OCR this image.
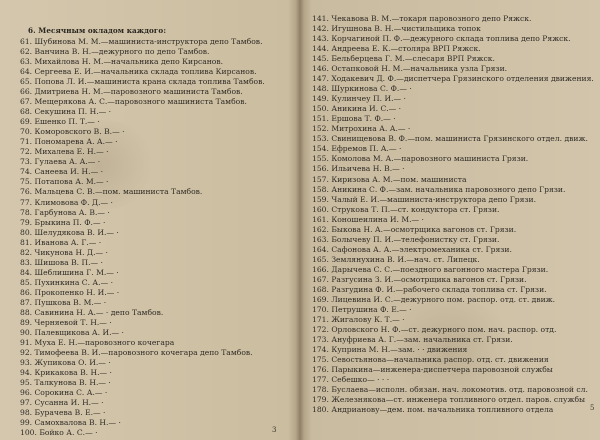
6. Месячным окладом каждого:
61. Шубинова М. М.—машиниста-инструктора депо Тамбов.
62. Ванчина В. Н.—дежурного по депо Тамбов.
63. Михайлова Н. М.—начальника депо Кирсанов.
64. Сергеева Е. И.—начальника склада топлива Кирсанов.
65. Попова Л. И.—машиниста крана склада топлива Тамбов.
66. Дмитриева Н. М.—паровозного машиниста Тамбов.
67. Мещерякова А. С.—паровозного машиниста Тамбов.
68. Секушина П. Н.— ·
69. Ешенко П. Т.— ·
70. Комоpовского В. В.— ·
71. Пономарева А. А.— ·
72. Михалева Е. Н.— ·
73. Гулаева А. А.— ·
74. Санеева И. Н.— ·
75. Потапова А. М.— ·
76. Мальцева С. В.—пом. машиниста Тамбов.
77. Климовова Ф. Д.— ·
78. Гарбунова А. В.— ·
79. Брыкина П. Ф.— ·
80. Шелудякова В. И.— ·
81. Иванова А. Г.— ·
82. Чикунова Н. Д.— ·
83. Шишова В. П.— ·
84. Шеблишина Г. М.— ·
85. Пухинкина С. А.— ·
86. Прокопенко Н. И.— ·
87. Пушкова В. М.— ·
88. Савинина Н. А.— · депо Тамбов.
89. Черняевой Т. Н.— ·
90. Палевщикова А. И.— ·
91. Муха Е. Н.—паровозного кочегара
92. Тимофеева В. И.—паровозного кочегара депо Тамбов.
93. Жупикова О. И.— ·
94. Крикакова В. Н.— ·
95. Талкунова В. Н.— ·
96. Сорокина С. А.— ·
97. Сусанна И. Н.— ·
98. Бурачева В. Е.— ·
99. Самохвалова В. Н.— ·
100. Бойко А. С.— ·	3
141. Чекавова В. М.—токаря паровозного депо Ряжск.
142. Игушнова В. Н.—чистильщика топок
143. Корчагиной П. Ф.—дежурного склада топлива депо Ряжск.
144. Андреева Е. К.—столяра ВРП Ряжск.
145. Бельберцева Г. М.—слесаря ВРП Ряжск.
146. Остапковой Н. М.—начальника узла Грязи.
147. Ходакевич Д. Ф.—диспетчера Грязинского отделения движения.
148. Шуркинова С. Ф.— ·
149. Кулинчеу П. И.— ·
150. Аникина И. С.— ·
151. Ершова Т. Ф.— ·
152. Митрохина А. А.— ·
153. Свинищевова В. Ф.—пом. машиниста Грязинского отдел. движ.
154. Ефремов П. А.— ·
155. Комолова М. А.—паровозного машиниста Грязи.
156. Ильичева Н. В.— ·
157. Киризова А. М.—пом. машиниста
158. Аникина С. Ф.—зам. начальника паровозного депо Грязи.
159. Чалый Е. И.—машиниста-инструктора депо Грязи.
160. Струкова Т. П.—ст. кондуктора ст. Грязи.
161. Коношеилина И. М.— ·
162. Быкова Н. А.—осмотрщика вагонов ст. Грязи.
163. Болычеву П. И.—телефонистку ст. Грязи.
164. Сафонова А. А.—электромеханика ст. Грязи.
165. Землянухина В. И.—нач. ст. Липецк.
166. Дарычева С. С.—поездного вагонного мастера Грязи.
167. Разгусина З. И.—осмотрщика вагонов ст. Грязи.
168. Разгудина Ф. И.—рабочего склада топлива ст. Грязи.
169. Лицевина И. С.—дежурного пом. распор. отд. ст. движ.
170. Петрушина Ф. Е.— ·
171. Жигалову К. Т.— ·
172. Орловского Н. Ф.—ст. дежурного пом. нач. распор. отд.
173. Ануфриева А. Г.—зам. начальника ст. Грязи.
174. Куприна М. Н.—зам. · · движения
175. Севостьянова—начальника распор. отд. ст. движения
176. Парыкина—инженера-диспетчера паровозной службы
177. Себешко— · · ·
178. Буслаева—исполн. обязан. нач. локомотив. отд. паровозной сл.
179. Железнякова—ст. инженера топливного отдел. паров. службы
180. Андрианову—дем. пом. начальника топливного отдела	5
